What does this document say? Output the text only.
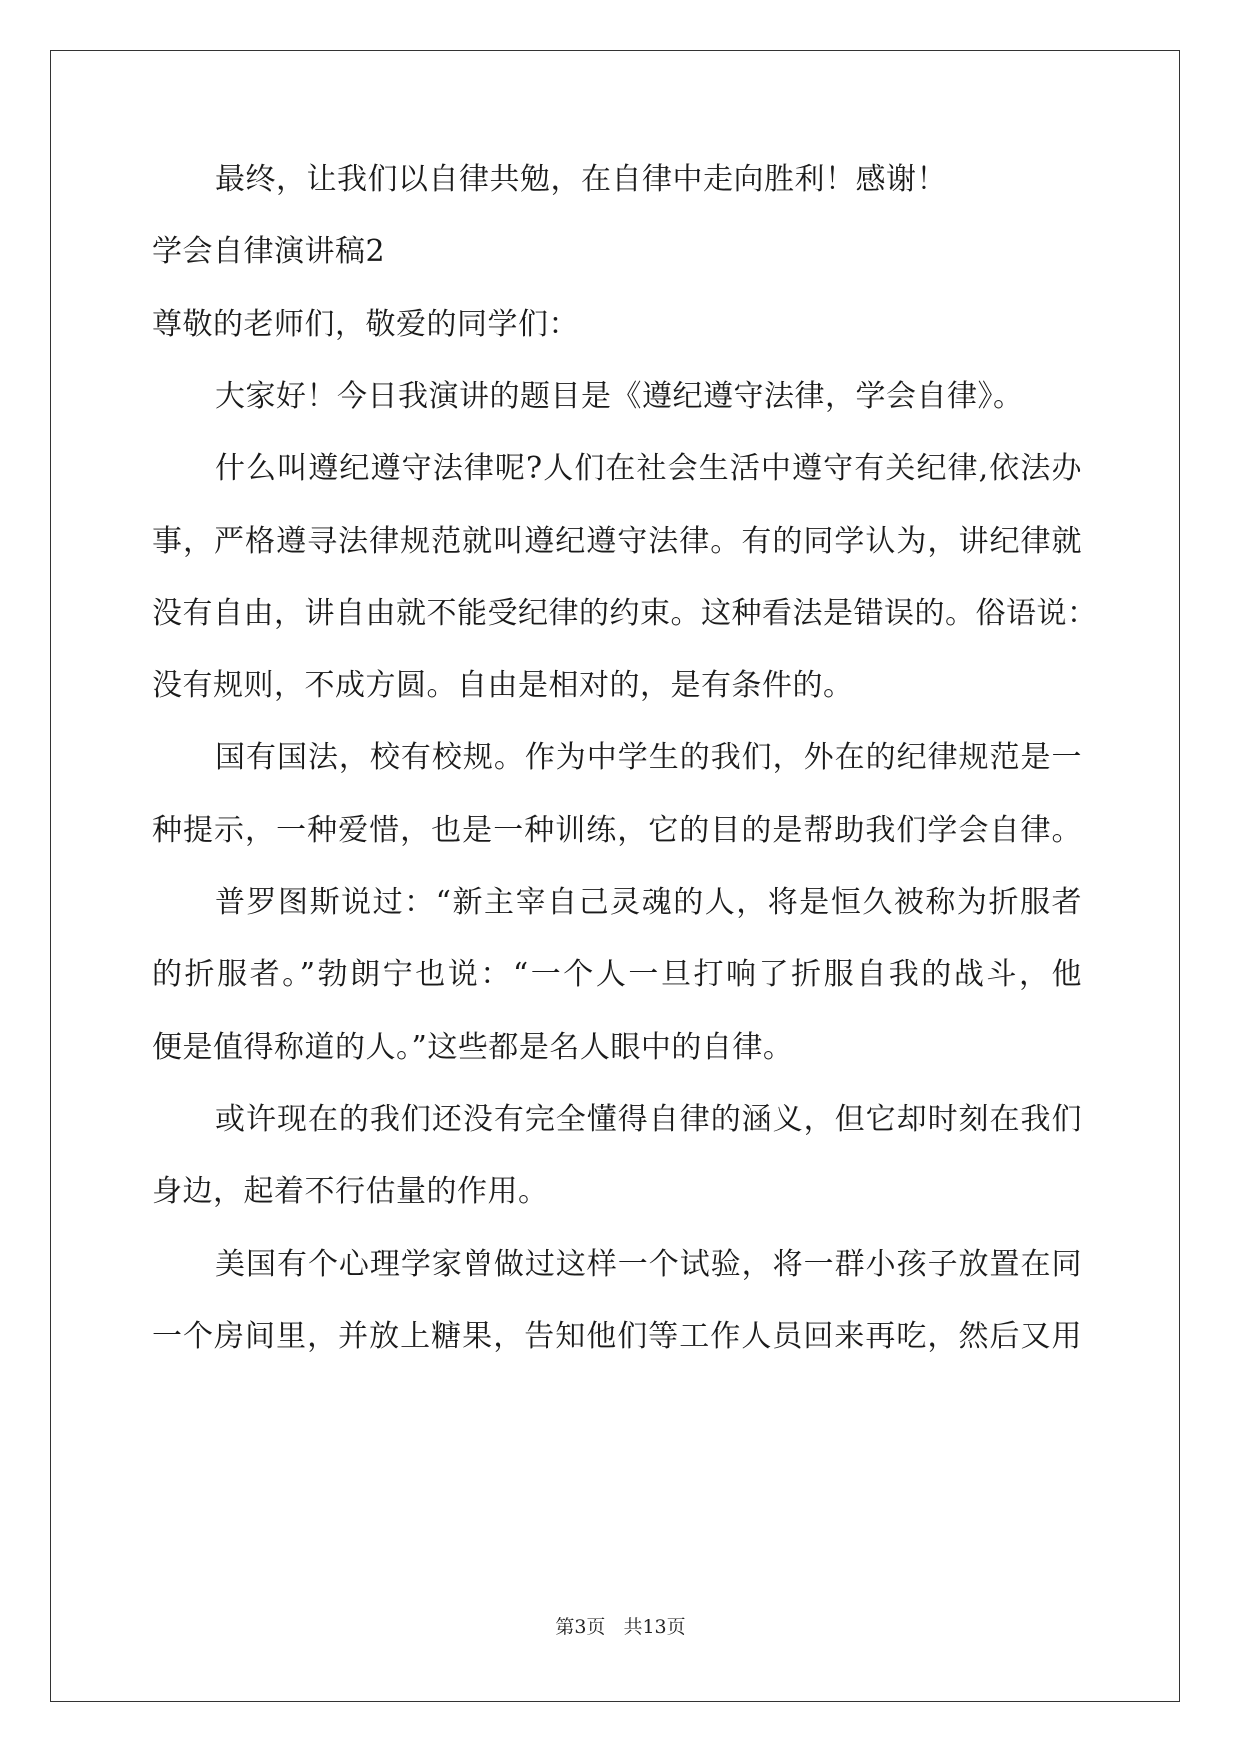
最终，让我们以自律共勉，在自律中走向胜利！感谢！

学会自律演讲稿2

尊敬的老师们，敬爱的同学们：

大家好！今日我演讲的题目是《遵纪遵守法律，学会自律》。

什么叫遵纪遵守法律呢?人们在社会生活中遵守有关纪律,依法办

事，严格遵寻法律规范就叫遵纪遵守法律。有的同学认为，讲纪律就

没有自由，讲自由就不能受纪律的约束。这种看法是错误的。俗语说：

没有规则，不成方圆。自由是相对的，是有条件的。

国有国法，校有校规。作为中学生的我们，外在的纪律规范是一

种提示，一种爱惜，也是一种训练，它的目的是帮助我们学会自律。

普罗图斯说过：“新主宰自己灵魂的人，将是恒久被称为折服者

的折服者。”勃朗宁也说：“一个人一旦打响了折服自我的战斗，他

便是值得称道的人。”这些都是名人眼中的自律。

或许现在的我们还没有完全懂得自律的涵义，但它却时刻在我们

身边，起着不行估量的作用。

美国有个心理学家曾做过这样一个试验，将一群小孩子放置在同

一个房间里，并放上糖果，告知他们等工作人员回来再吃，然后又用

第3页 共13页
